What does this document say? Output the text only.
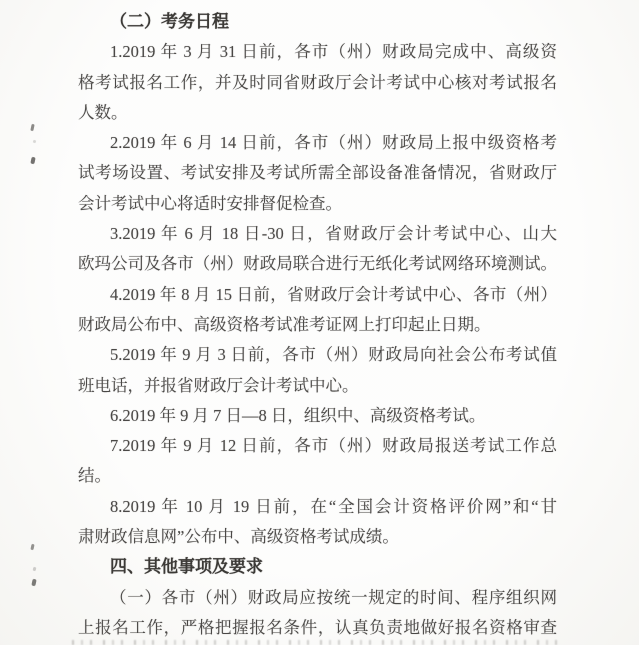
（二）考务日程
1.2019 年 3 月 31 日前，各市（州）财政局完成中、高级资
格考试报名工作，并及时同省财政厅会计考试中心核对考试报名
人数。
2.2019 年 6 月 14 日前，各市（州）财政局上报中级资格考
试考场设置、考试安排及考试所需全部设备准备情况，省财政厅
会计考试中心将适时安排督促检查。
3.2019 年 6 月 18 日-30 日，省财政厅会计考试中心、山大
欧玛公司及各市（州）财政局联合进行无纸化考试网络环境测试。
4.2019 年 8 月 15 日前，省财政厅会计考试中心、各市（州）
财政局公布中、高级资格考试准考证网上打印起止日期。
5.2019 年 9 月 3 日前，各市（州）财政局向社会公布考试值
班电话，并报省财政厅会计考试中心。
6.2019 年 9 月 7 日—8 日，组织中、高级资格考试。
7.2019 年 9 月 12 日前，各市（州）财政局报送考试工作总
结。
8.2019 年 10 月 19 日前，在“全国会计资格评价网”和“甘
肃财政信息网”公布中、高级资格考试成绩。
四、其他事项及要求
（一）各市（州）财政局应按统一规定的时间、程序组织网
上报名工作，严格把握报名条件，认真负责地做好报名资格审查
